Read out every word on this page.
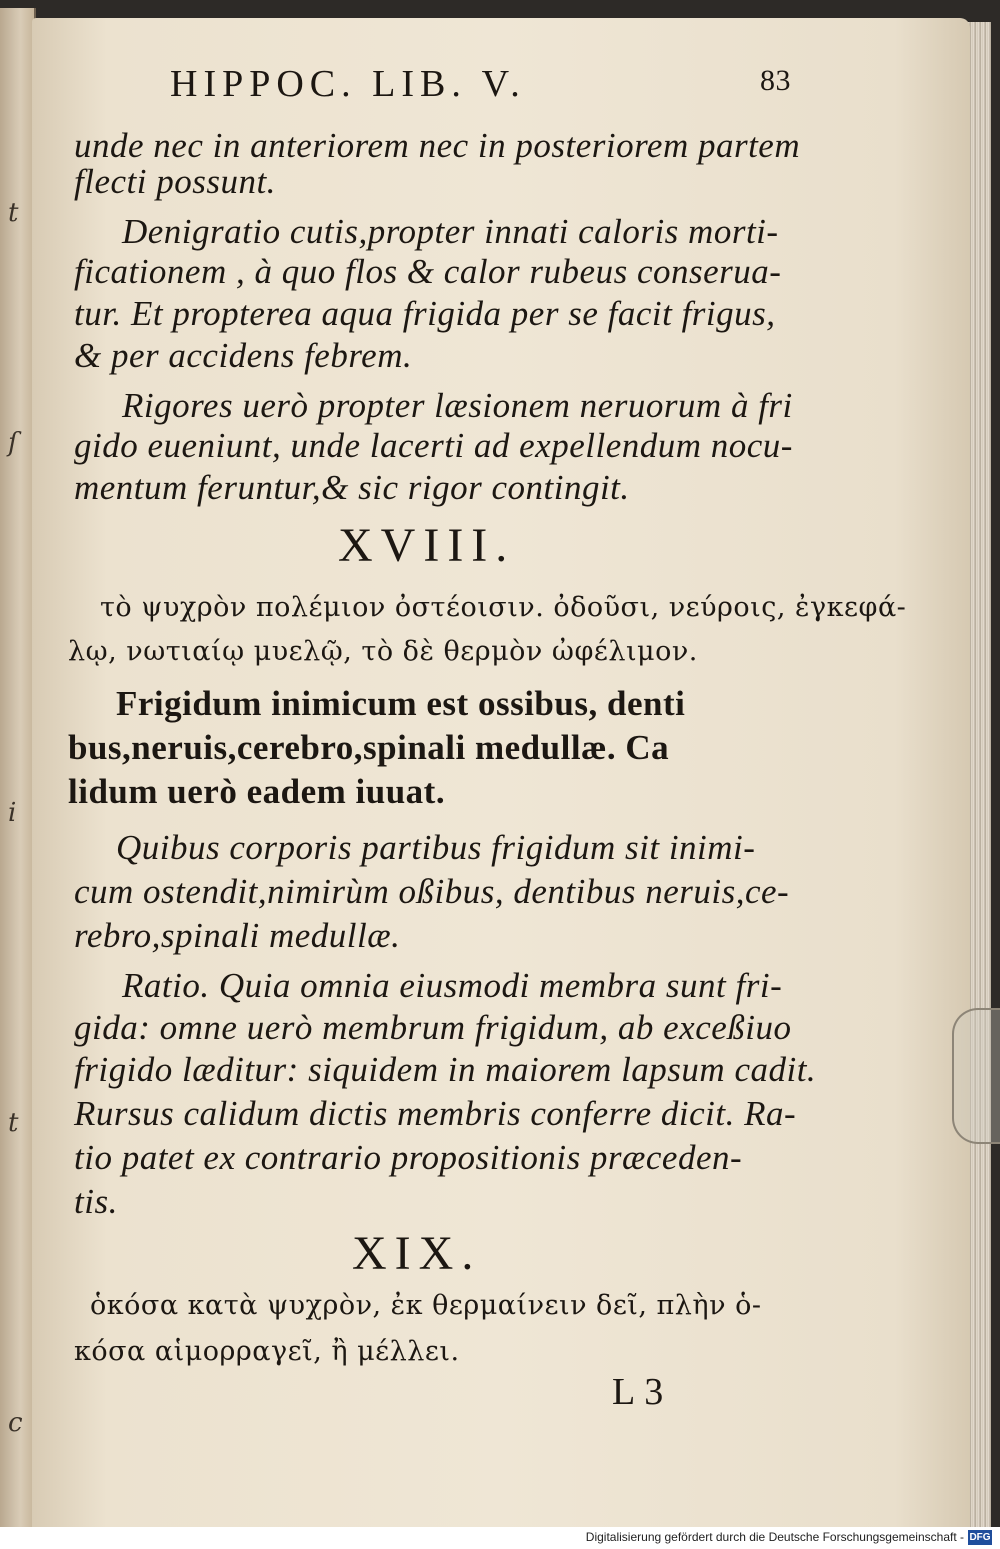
t
ſ
i
t
c
HIPPOC. LIB. V.	83
unde nec in anteriorem nec in posteriorem partem
flecti possunt.
Denigratio cutis,propter innati caloris morti-
ficationem , à quo flos & calor rubeus conserua-
tur. Et propterea aqua frigida per se facit frigus,
& per accidens febrem.
Rigores uerò propter læsionem neruorum à fri
gido eueniunt, unde lacerti ad expellendum nocu-
mentum feruntur,& sic rigor contingit.
XVIII.
τὸ ψυχρὸν πολέμιον ὀστέοισιν. ὀδοῦσι, νεύροις, ἐγκεφά-
λῳ, νωτιαίῳ μυελῷ, τὸ δὲ θερμὸν ὠφέλιμον.
Frigidum inimicum est ossibus, denti
bus,neruis,cerebro,spinali medullæ. Ca
lidum uerò eadem iuuat.
Quibus corporis partibus frigidum sit inimi-
cum ostendit,nimirùm oßibus, dentibus neruis,ce-
rebro,spinali medullæ.
Ratio. Quia omnia eiusmodi membra sunt fri-
gida: omne uerò membrum frigidum, ab exceßiuo
frigido læditur: siquidem in maiorem lapsum cadit.
Rursus calidum dictis membris conferre dicit. Ra-
tio patet ex contrario propositionis præceden-
tis.
XIX.
ὁκόσα κατὰ ψυχρὸν, ἐκ θερμαίνειν δεῖ, πλὴν ὁ-
κόσα αἱμορραγεῖ, ἢ μέλλει.
L 3
Digitalisierung gefördert durch die Deutsche Forschungsgemeinschaft - DFG
